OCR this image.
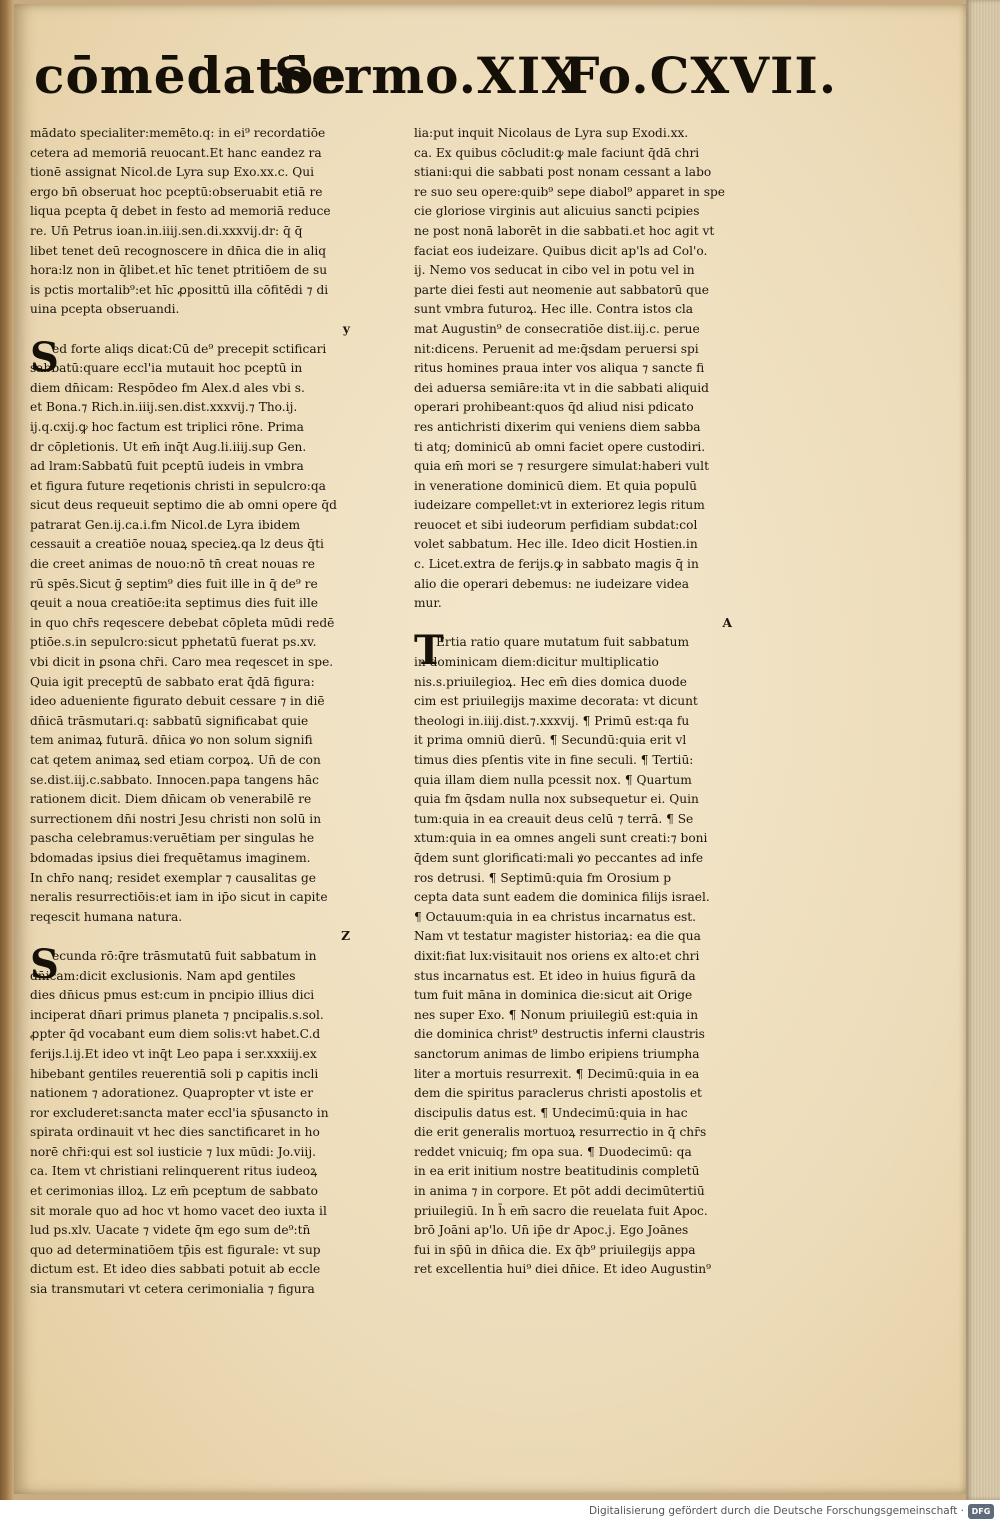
cōmēdatōe
Sermo.XIX
Fo.CXVII.
mādato specialiter:memēto.q: in ei⁹ recordatiōe
cetera ad memoriā reuocant.Et hanc eandez ra
tionē assignat Nicol.de Lyra sup Exo.xx.c. Qui
ergo bn̄ obseruat hoc pceptū:obseruabit etiā re
liqua pcepta q̄ debet in festo ad memoriā reduce
re. Un̄ Petrus ioan.in.iiij.sen.di.xxxvij.dr: q̄ q̄
libet tenet deū recognoscere in dn̄ica die in aliq
hora:lz non in q̄libet.et hīc tenet ptritiōem de su
is pctis mortalib⁹:et hīc ꝓposittū illa cōfitēdi ⁊ di
uina pcepta obseruandi.
y
S
ed forte aliqs dicat:Cū de⁹ precepit sctificari
sabbatū:quare eccl'ia mutauit hoc pceptū in
diem dn̄icam: Respōdeo fm Alex.d ales vbi s.
et Bona.⁊ Rich.in.iiij.sen.dist.xxxvij.⁊ Tho.ij.
ij.q.cxij.ꝙ hoc factum est triplici rōne. Prima
dr cōpletionis. Ut em̄ inq̄t Aug.li.iiij.sup Gen.
ad lram:Sabbatū fuit pceptū iudeis in vmbra
et figura future reqetionis christi in sepulcro:qa
sicut deus requeuit septimo die ab omni opere q̄d
patrarat Gen.ij.ca.i.fm Nicol.de Lyra ibidem
cessauit a creatiōe nouaꝝ specieꝝ.qa lz deus q̄ti
die creet animas de nouo:nō tn̄ creat nouas re
rū spēs.Sicut ḡ septim⁹ dies fuit ille in q̄ de⁹ re
qeuit a noua creatiōe:ita septimus dies fuit ille
in quo chr̄s reqescere debebat cōpleta mūdi redē
ptiōe.s.in sepulcro:sicut pphetatū fuerat ps.xv.
vbi dicit in ꝑsona chr̄i. Caro mea reqescet in spe.
Quia igit preceptū de sabbato erat q̄dā figura:
ideo adueniente figurato debuit cessare ⁊ in diē
dn̄icā trāsmutari.q: sabbatū significabat quie
tem animaꝝ futurā. dn̄ica ꝟo non solum signifi
cat qetem animaꝝ sed etiam corpoꝝ. Un̄ de con
se.dist.iij.c.sabbato. Innocen.papa tangens hāc
rationem dicit. Diem dn̄icam ob venerabilē re
surrectionem dn̄i nostri Jesu christi non solū in
pascha celebramus:veruētiam per singulas he
bdomadas ipsius diei frequētamus imaginem.
In chr̄o nanq; residet exemplar ⁊ causalitas ge
neralis resurrectiōis:et iam in ip̄o sicut in capite
reqescit humana natura.
Z
S
ecunda rō:q̄re trāsmutatū fuit sabbatum in
dn̄icam:dicit exclusionis. Nam apd gentiles
dies dn̄icus pmus est:cum in pncipio illius dici
inciperat dn̄ari primus planeta ⁊ pncipalis.s.sol.
ꝓpter q̄d vocabant eum diem solis:vt habet.C.d
ferijs.l.ij.Et ideo vt inq̄t Leo papa i ser.xxxiij.ex
hibebant gentiles reuerentiā soli p capitis incli
nationem ⁊ adorationez. Quapropter vt iste er
ror excluderet:sancta mater eccl'ia sp̄usancto in
spirata ordinauit vt hec dies sanctificaret in ho
norē chr̄i:qui est sol iusticie ⁊ lux mūdi: Jo.viij.
ca. Item vt christiani relinquerent ritus iudeoꝝ
et cerimonias illoꝝ. Lz em̄ pceptum de sabbato
sit morale quo ad hoc vt homo vacet deo iuxta il
lud ps.xlv. Uacate ⁊ videte q̄m ego sum de⁹:tn̄
quo ad determinatiōem tp̄is est figurale: vt sup
dictum est. Et ideo dies sabbati potuit ab eccle
sia transmutari vt cetera cerimonialia ⁊ figura
lia:put inquit Nicolaus de Lyra sup Exodi.xx.
ca. Ex quibus cōcludit:ꝙ male faciunt q̄dā chri
stiani:qui die sabbati post nonam cessant a labo
re suo seu opere:quib⁹ sepe diabol⁹ apparet in spe
cie gloriose virginis aut alicuius sancti pcipies
ne post nonā laborēt in die sabbati.et hoc agit vt
faciat eos iudeizare. Quibus dicit ap'ls ad Col'o.
ij. Nemo vos seducat in cibo vel in potu vel in
parte diei festi aut neomenie aut sabbatorū que
sunt vmbra futuroꝝ. Hec ille. Contra istos cla
mat Augustin⁹ de consecratiōe dist.iij.c. perue
nit:dicens. Peruenit ad me:q̄sdam peruersi spi
ritus homines praua inter vos aliqua ⁊ sancte fi
dei aduersa semiāre:ita vt in die sabbati aliquid
operari prohibeant:quos q̄d aliud nisi pdicato
res antichristi dixerim qui veniens diem sabba
ti atq; dominicū ab omni faciet opere custodiri.
quia em̄ mori se ⁊ resurgere simulat:haberi vult
in veneratione dominicū diem. Et quia populū
iudeizare compellet:vt in exteriorez legis ritum
reuocet et sibi iudeorum perfidiam subdat:col
volet sabbatum. Hec ille. Ideo dicit Hostien.in
c. Licet.extra de ferijs.ꝙ in sabbato magis q̄ in
alio die operari debemus: ne iudeizare videa
mur.
A
T
Ertia ratio quare mutatum fuit sabbatum
in dominicam diem:dicitur multiplicatio
nis.s.priuilegioꝝ. Hec em̄ dies domica duode
cim est priuilegijs maxime decorata: vt dicunt
theologi in.iiij.dist.⁊.xxxvij. ¶ Primū est:qa fu
it prima omniū dierū. ¶ Secundū:quia erit vl
timus dies pſentis vite in fine seculi. ¶ Tertiū:
quia illam diem nulla pcessit nox. ¶ Quartum
quia fm q̄sdam nulla nox subsequetur ei. Quin
tum:quia in ea creauit deus celū ⁊ terrā. ¶ Se
xtum:quia in ea omnes angeli sunt creati:⁊ boni
q̄dem sunt glorificati:mali ꝟo peccantes ad infe
ros detrusi. ¶ Septimū:quia fm Orosium p
cepta data sunt eadem die dominica filijs israel.
¶ Octauum:quia in ea christus incarnatus est.
Nam vt testatur magister historiaꝝ: ea die qua
dixit:fiat lux:visitauit nos oriens ex alto:et chri
stus incarnatus est. Et ideo in huius figurā da
tum fuit māna in dominica die:sicut ait Orige
nes super Exo. ¶ Nonum priuilegiū est:quia in
die dominica christ⁹ destructis inferni claustris
sanctorum animas de limbo eripiens triumpha
liter a mortuis resurrexit. ¶ Decimū:quia in ea
dem die spiritus paraclerus christi apostolis et
discipulis datus est. ¶ Undecimū:quia in hac
die erit generalis mortuoꝝ resurrectio in q̄ chr̄s
reddet vnicuiq; fm opa sua. ¶ Duodecimū: qa
in ea erit initium nostre beatitudinis completū
in anima ⁊ in corpore. Et pōt addi decimūtertiū
priuilegiū. In h̄ em̄ sacro die reuelata fuit Apoc.
brō Joāni ap'lo. Un̄ ip̄e dr Apoc.j. Ego Joānes
fui in sp̄ū in dn̄ica die. Ex q̄b⁹ priuilegijs appa
ret excellentia hui⁹ diei dn̄ice. Et ideo Augustin⁹
Digitalisierung gefördert durch die Deutsche Forschungsgemeinschaft · DFG
